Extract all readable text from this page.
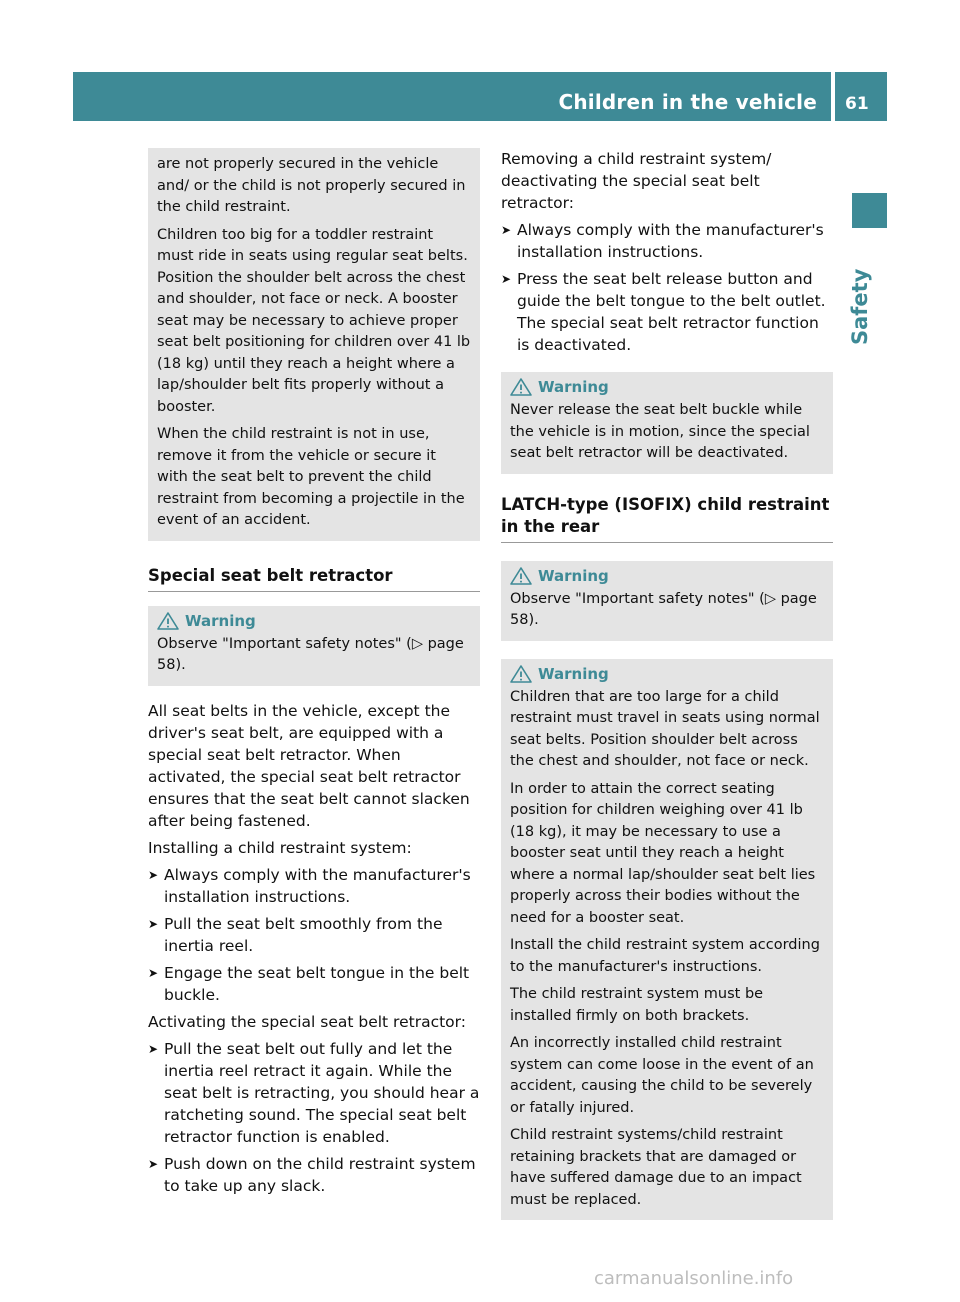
Children in the vehicle 61
Safety

are not properly secured in the vehicle and/ or the child is not properly secured in the child restraint.

Children too big for a toddler restraint must ride in seats using regular seat belts. Position the shoulder belt across the chest and shoulder, not face or neck. A booster seat may be necessary to achieve proper seat belt positioning for children over 41 lb (18 kg) until they reach a height where a lap/shoulder belt fits properly without a booster.

When the child restraint is not in use, remove it from the vehicle or secure it with the seat belt to prevent the child restraint from becoming a projectile in the event of an accident.

Special seat belt retractor
Warning

Observe "Important safety notes" (▷ page 58).

All seat belts in the vehicle, except the driver's seat belt, are equipped with a special seat belt retractor. When activated, the special seat belt retractor ensures that the seat belt cannot slacken after being fastened.

Installing a child restraint system:

➤ Always comply with the manufacturer's installation instructions.
➤ Pull the seat belt smoothly from the inertia reel.
➤ Engage the seat belt tongue in the belt buckle.

Activating the special seat belt retractor:

➤ Pull the seat belt out fully and let the inertia reel retract it again. While the seat belt is retracting, you should hear a ratcheting sound. The special seat belt retractor function is enabled.
➤ Push down on the child restraint system to take up any slack.

Removing a child restraint system/ deactivating the special seat belt retractor:

➤ Always comply with the manufacturer's installation instructions.
➤ Press the seat belt release button and guide the belt tongue to the belt outlet. The special seat belt retractor function is deactivated.
Warning

Never release the seat belt buckle while the vehicle is in motion, since the special seat belt retractor will be deactivated.

LATCH-type (ISOFIX) child restraint in the rear
Warning

Observe "Important safety notes" (▷ page 58).

Warning

Children that are too large for a child restraint must travel in seats using normal seat belts. Position shoulder belt across the chest and shoulder, not face or neck.

In order to attain the correct seating position for children weighing over 41 lb (18 kg), it may be necessary to use a booster seat until they reach a height where a normal lap/shoulder seat belt lies properly across their bodies without the need for a booster seat.

Install the child restraint system according to the manufacturer's instructions.

The child restraint system must be installed firmly on both brackets.

An incorrectly installed child restraint system can come loose in the event of an accident, causing the child to be severely or fatally injured.

Child restraint systems/child restraint retaining brackets that are damaged or have suffered damage due to an impact must be replaced.

carmanualsonline.info
